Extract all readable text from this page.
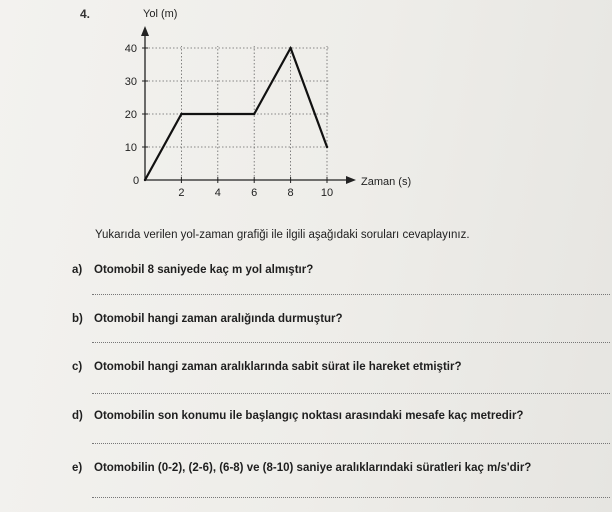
4.
2	4	6	8 10
10
20
30
40
Yol (m)
Zaman (s)
0
Yukarıda verilen yol-zaman grafiği ile ilgili aşağıdaki soruları cevaplayınız.
a) Otomobil 8 saniyede kaç m yol almıştır?
b) Otomobil hangi zaman aralığında durmuştur?
c) Otomobil hangi zaman aralıklarında sabit sürat ile hareket etmiştir?
d) Otomobilin son konumu ile başlangıç noktası arasındaki mesafe kaç metredir?
e) Otomobilin (0-2), (2-6), (6-8) ve (8-10) saniye aralıklarındaki süratleri kaç m/s'dir?
